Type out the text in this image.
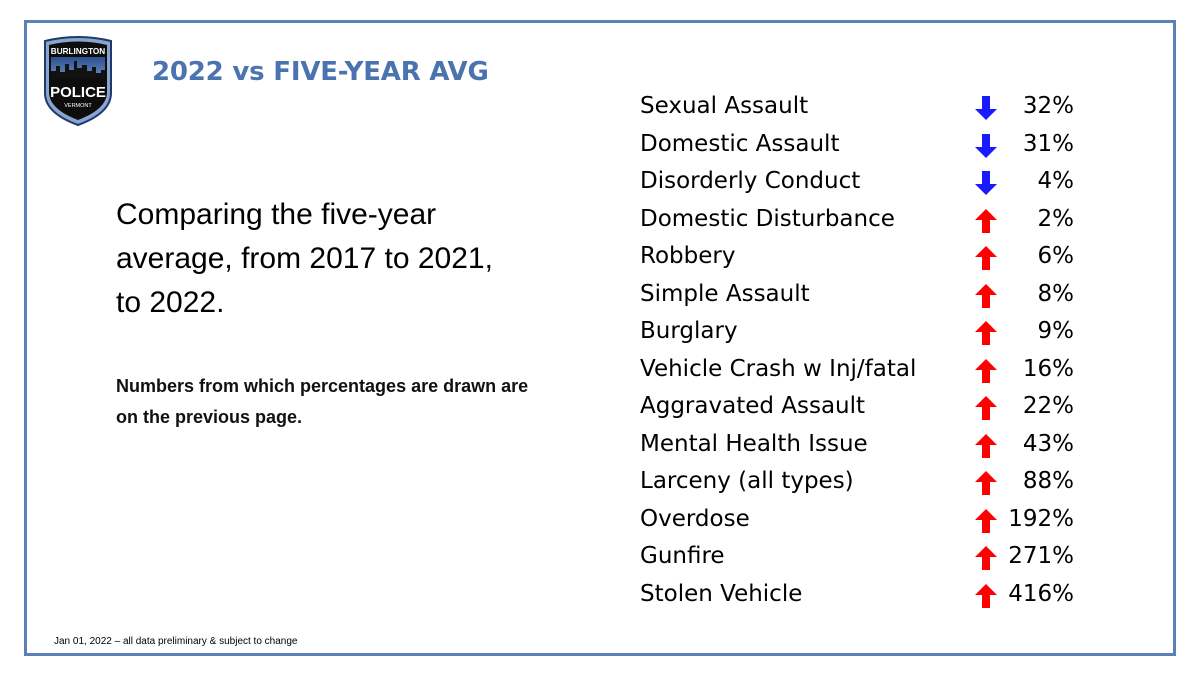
BURLINGTON
POLICE
VERMONT
2022 vs FIVE-YEAR AVG
Comparing the five-year average, from 2017 to 2021, to 2022.
Numbers from which percentages are drawn are on the previous page.
Jan 01, 2022 – all data preliminary & subject to change
Sexual Assault	32%
Domestic Assault	31%
Disorderly Conduct	4%
Domestic Disturbance	2%
Robbery	6%
Simple Assault	8%
Burglary	9%
Vehicle Crash w Inj/fatal	16%
Aggravated Assault	22%
Mental Health Issue	43%
Larceny (all types)	88%
Overdose	192%
Gunfire	271%
Stolen Vehicle	416%
